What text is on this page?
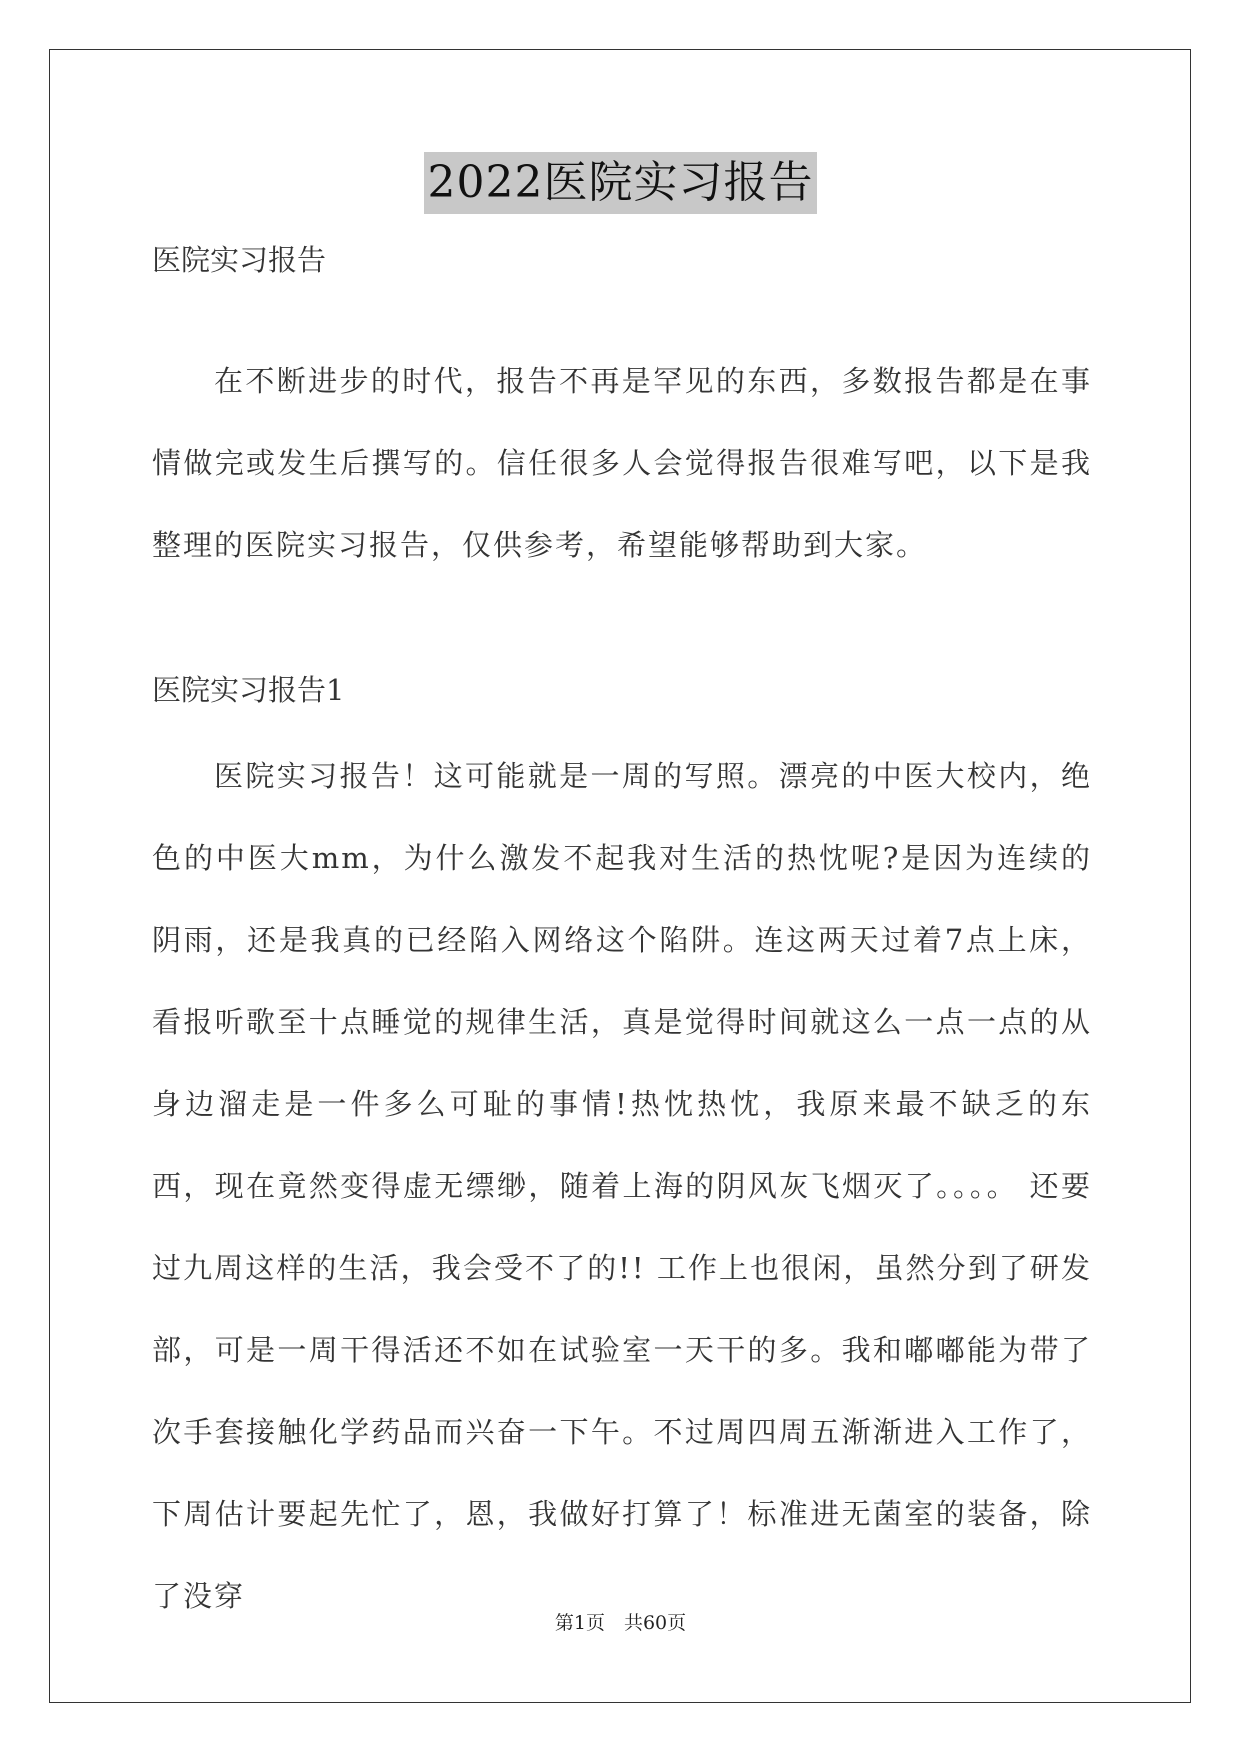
2022医院实习报告
医院实习报告
在不断进步的时代，报告不再是罕见的东西，多数报告都是在事情做完或发生后撰写的。信任很多人会觉得报告很难写吧，以下是我整理的医院实习报告，仅供参考，希望能够帮助到大家。
医院实习报告1
医院实习报告！这可能就是一周的写照。漂亮的中医大校内，绝色的中医大mm，为什么激发不起我对生活的热忱呢?是因为连续的阴雨，还是我真的已经陷入网络这个陷阱。连这两天过着7点上床，看报听歌至十点睡觉的规律生活，真是觉得时间就这么一点一点的从身边溜走是一件多么可耻的事情!热忱热忱，我原来最不缺乏的东西，现在竟然变得虚无缥缈，随着上海的阴风灰飞烟灭了。。。。 还要过九周这样的生活，我会受不了的!! 工作上也很闲，虽然分到了研发部，可是一周干得活还不如在试验室一天干的多。我和嘟嘟能为带了次手套接触化学药品而兴奋一下午。不过周四周五渐渐进入工作了，下周估计要起先忙了，恩，我做好打算了！标准进无菌室的装备，除了没穿
第1页　共60页
